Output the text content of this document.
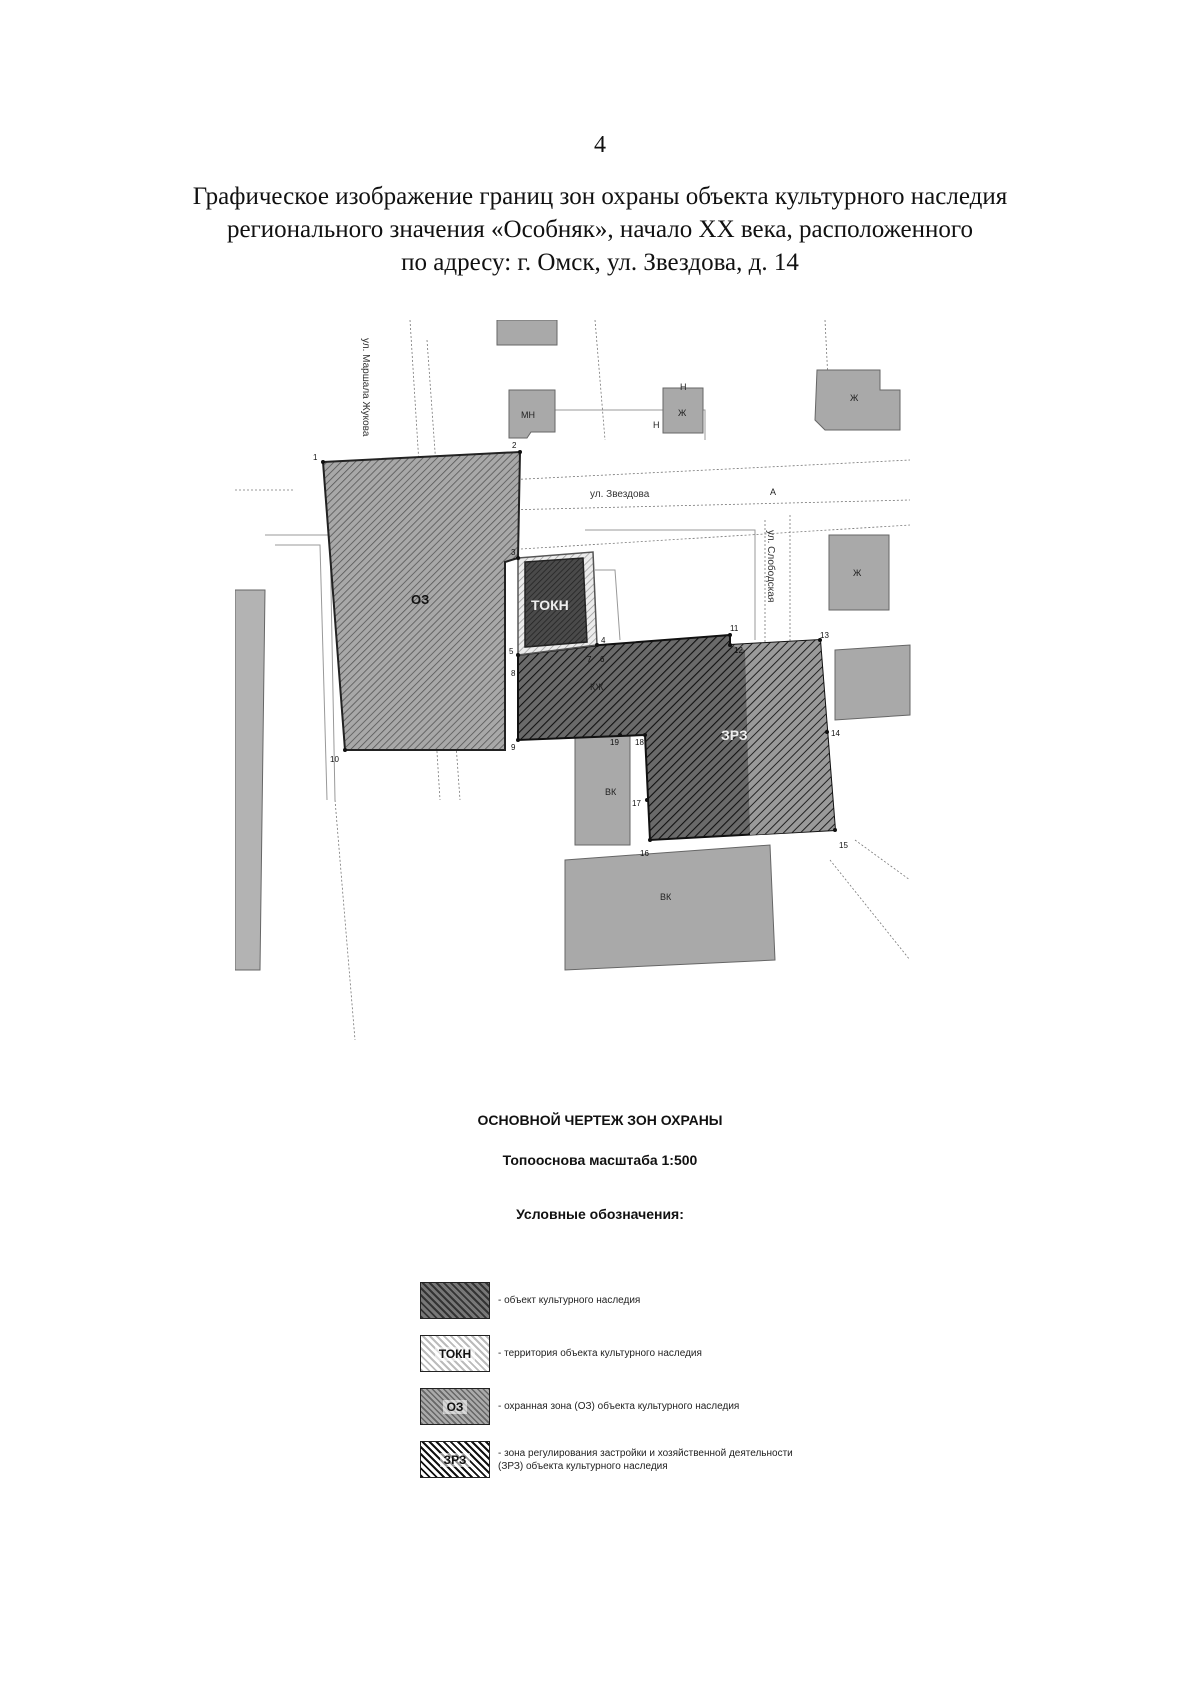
4
Графическое изображение границ зон охраны объекта культурного наследия
регионального значения «Особняк», начало XX века, расположенного
по адресу: г. Омск, ул. Звездова, д. 14
МН	Ж
Ж
Ж
Н
Н
КЖ
ВК
ВК
А
ул. Маршала Жукова
ул. Звездова
ул. Слободская
ОЗ	ТОКН
ЗРЗ
1
2
3
4
5
6
7
8
9
10
11
12
13
14
15
16
17
18
19
ОСНОВНОЙ ЧЕРТЕЖ ЗОН ОХРАНЫ
Топооснова масштаба 1:500
Условные обозначения:
- объект культурного наследия
ТОКН	- территория объекта культурного наследия
ОЗ	- охранная зона (ОЗ) объекта культурного наследия
ЗРЗ	- зона регулирования застройки и хозяйственной деятельности (ЗРЗ) объекта культурного наследия
